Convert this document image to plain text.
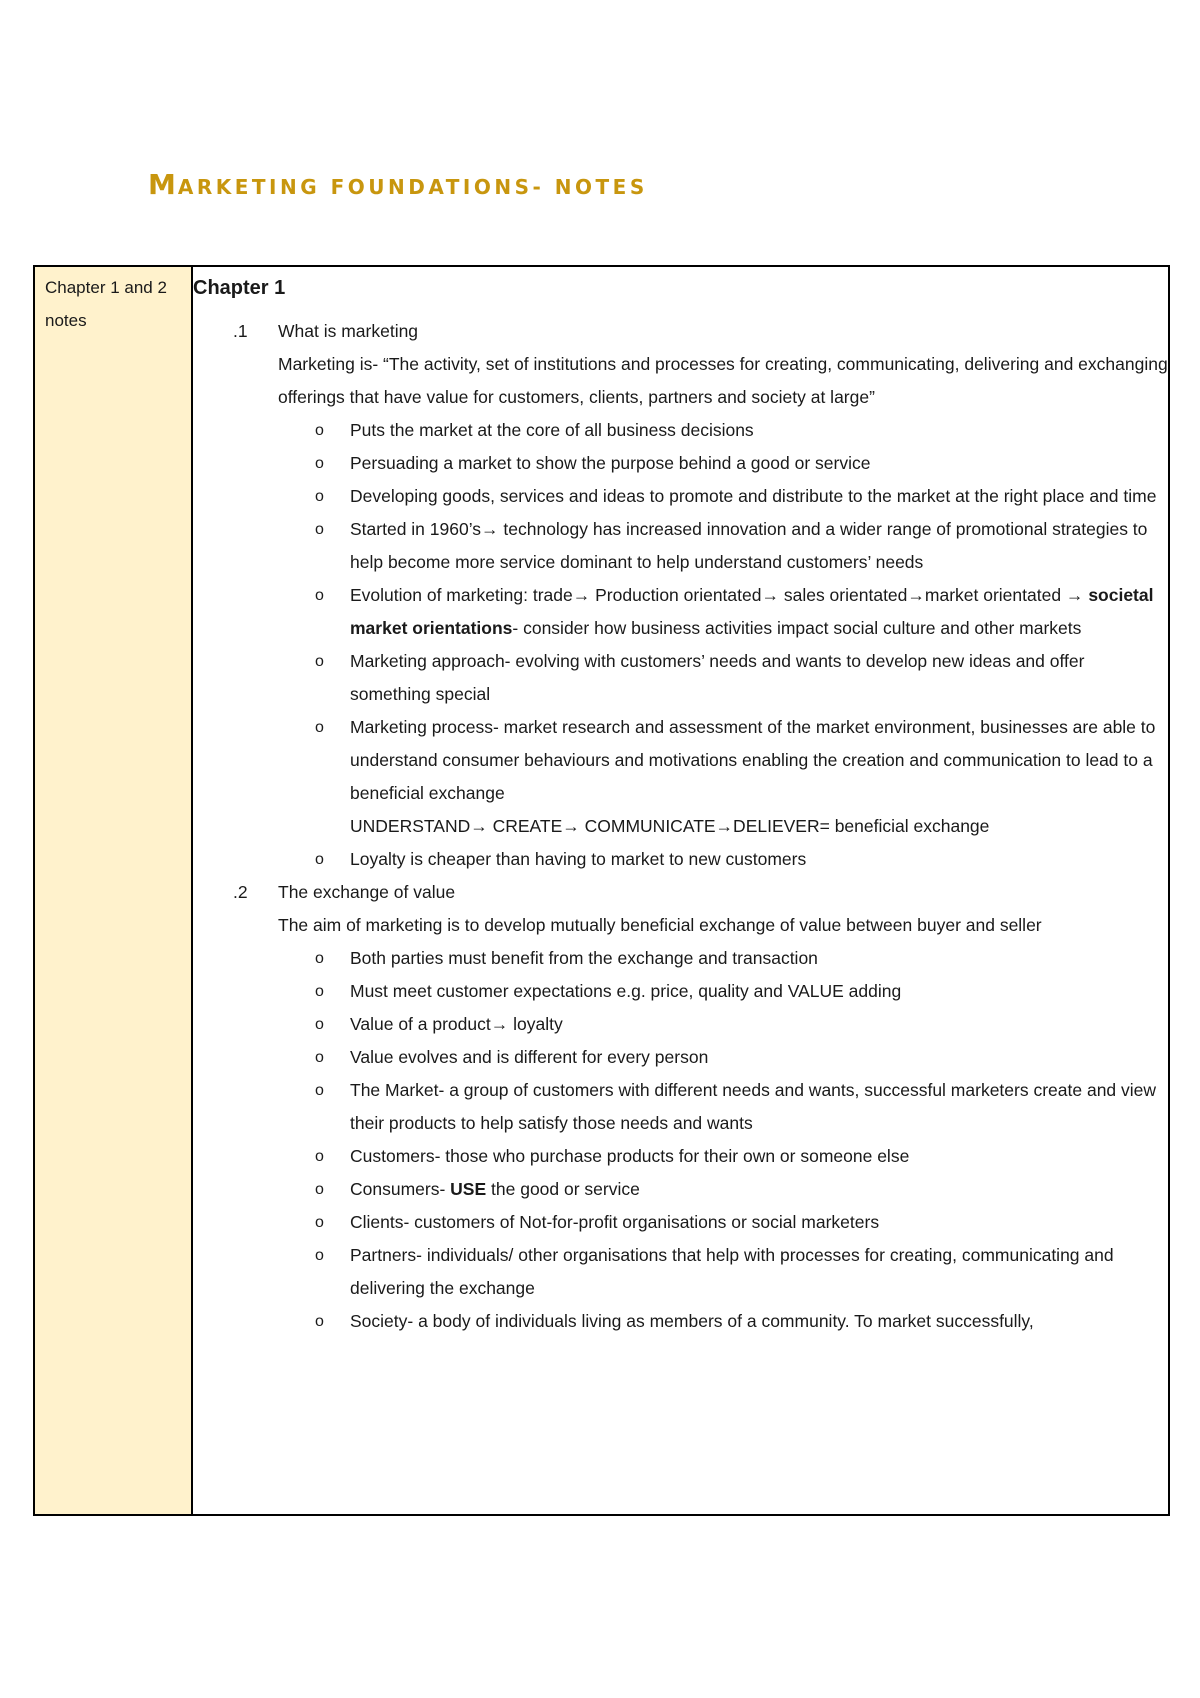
MARKETING FOUNDATIONS- NOTES
Chapter 1 and 2 notes

Chapter 1
.1 What is marketing
Marketing is- “The activity, set of institutions and processes for creating, communicating, delivering and exchanging offerings that have value for customers, clients, partners and society at large”
o Puts the market at the core of all business decisions
o Persuading a market to show the purpose behind a good or service
o Developing goods, services and ideas to promote and distribute to the market at the right place and time
o Started in 1960’s→ technology has increased innovation and a wider range of promotional strategies to help become more service dominant to help understand customers’ needs
o Evolution of marketing: trade→ Production orientated→ sales orientated→market orientated → societal market orientations- consider how business activities impact social culture and other markets
o Marketing approach- evolving with customers’ needs and wants to develop new ideas and offer something special
o Marketing process- market research and assessment of the market environment, businesses are able to understand consumer behaviours and motivations enabling the creation and communication to lead to a beneficial exchange
UNDERSTAND→ CREATE→ COMMUNICATE→DELIEVER= beneficial exchange
o Loyalty is cheaper than having to market to new customers
.2 The exchange of value
The aim of marketing is to develop mutually beneficial exchange of value between buyer and seller
o Both parties must benefit from the exchange and transaction
o Must meet customer expectations e.g. price, quality and VALUE adding
o Value of a product→ loyalty
o Value evolves and is different for every person
o The Market- a group of customers with different needs and wants, successful marketers create and view their products to help satisfy those needs and wants
o Customers- those who purchase products for their own or someone else
o Consumers- USE the good or service
o Clients- customers of Not-for-profit organisations or social marketers
o Partners- individuals/ other organisations that help with processes for creating, communicating and delivering the exchange
o Society- a body of individuals living as members of a community. To market successfully,
